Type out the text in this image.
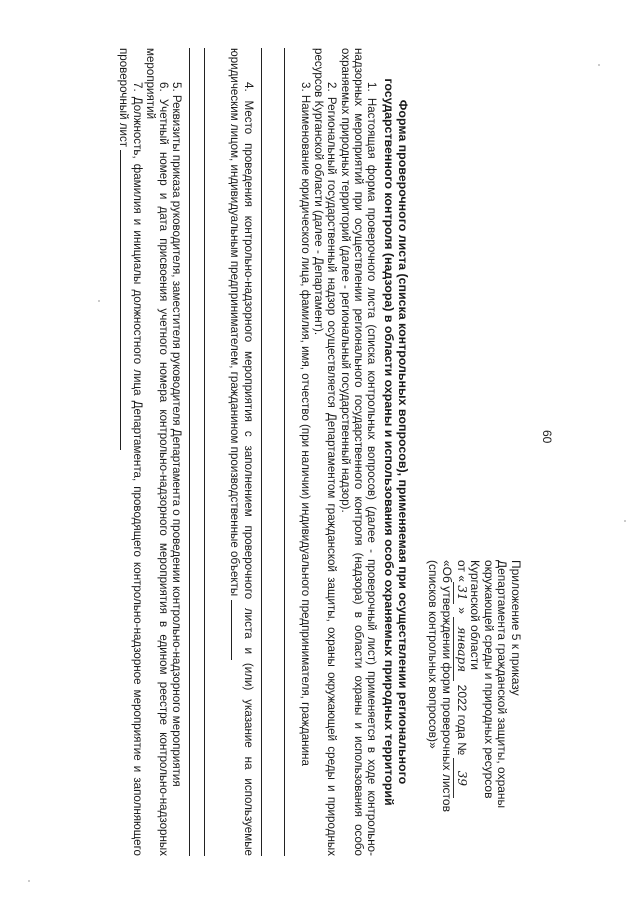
60
Приложение 5 к приказу
Департамента гражданской защиты, охраны
окружающей среды и природных ресурсов
Курганской области
от «31 » января 2022 года № 39
«Об утверждении форм проверочных листов
(списков контрольных вопросов)»
Форма проверочного листа (списка контрольных вопросов), применяемая при осуществлении регионального государственного контроля (надзора) в области охраны и использования особо охраняемых природных территорий

1. Настоящая форма проверочного листа (списка контрольных вопросов) (далее - проверочный лист) применяется в ходе контрольно-надзорных мероприятий при осуществлении регионального государственного контроля (надзора) в области охраны и использования особо охраняемых природных территорий (далее - региональный государственный надзор).

2. Региональный государственный надзор осуществляется Департаментом гражданской защиты, охраны окружающей среды и природных ресурсов Курганской области (далее - Департамент).

3. Наименование юридического лица, фамилия, имя, отчество (при наличии) индивидуального предпринимателя, гражданина

4. Место проведения контрольно-надзорного мероприятия с заполнением проверочного листа и (или) указание на используемые юридическим лицом, индивидуальным предпринимателем, гражданином производственные объекты

5. Реквизиты приказа руководителя, заместителя руководителя Департамента о проведении контрольно-надзорного мероприятия

6. Учетный номер и дата присвоения учетного номера контрольно-надзорного мероприятия в едином реестре контрольно-надзорных мероприятий

7. Должность, фамилия и инициалы должностного лица Департамента, проводящего контрольно-надзорное мероприятие и заполняющего проверочный лист
